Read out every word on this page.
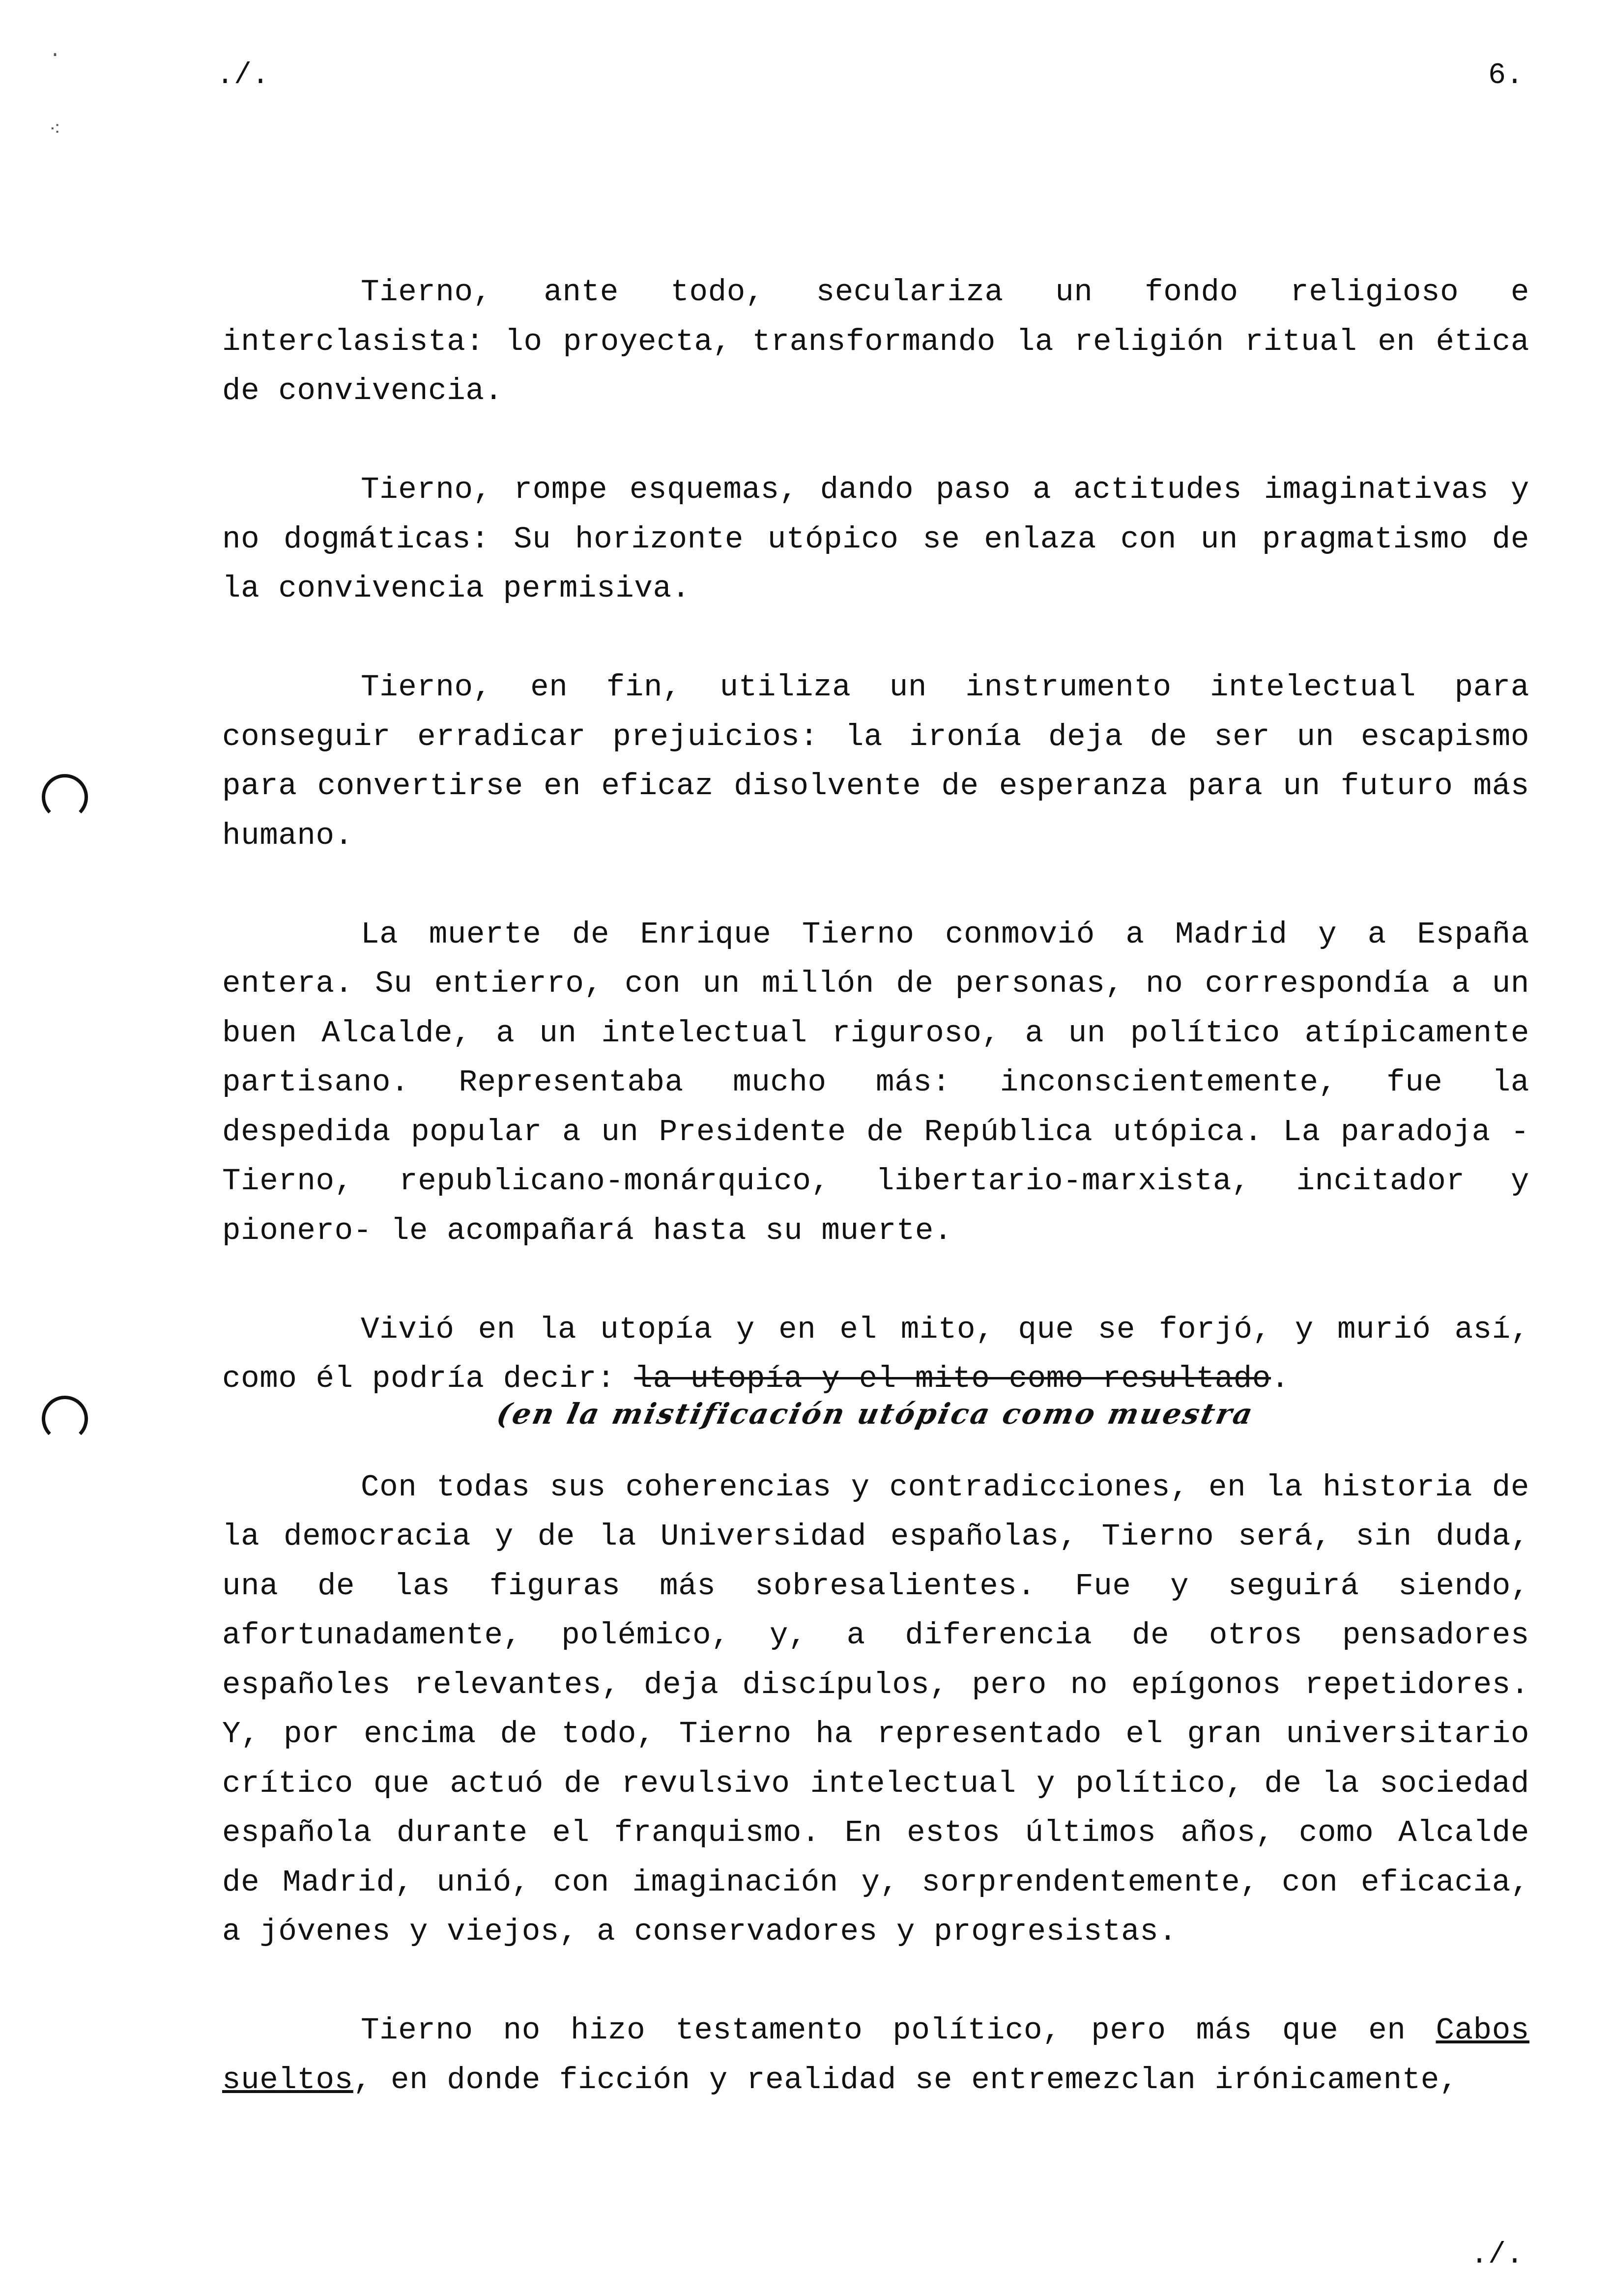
·
⁖
./.	6.

Tierno, ante todo, seculariza un fondo religioso e interclasista: lo proyecta, transformando la religión ritual en ética de convivencia.

Tierno, rompe esquemas, dando paso a actitudes imaginativas y no dogmáticas: Su horizonte utópico se enlaza con un pragmatismo de la convivencia permisiva.

Tierno, en fin, utiliza un instrumento intelectual para conseguir erradicar prejuicios: la ironía deja de ser un escapismo para convertirse en eficaz disolvente de esperanza para un futuro más humano.

La muerte de Enrique Tierno conmovió a Madrid y a España entera. Su entierro, con un millón de personas, no correspondía a un buen Alcalde, a un intelectual riguroso, a un político atípicamente partisano. Representaba mucho más: inconscientemente, fue la despedida popular a un Presidente de República utópica. La paradoja -Tierno, republicano-monárquico, libertario-marxista, incitador y pionero- le acompañará hasta su muerte.

Vivió en la utopía y en el mito, que se forjó, y murió así, como él podría decir: la utopía y el mito como resultado.

(en la mistificación utópica como muestra

Con todas sus coherencias y contradicciones, en la historia de la democracia y de la Universidad españolas, Tierno será, sin duda, una de las figuras más sobresalientes. Fue y seguirá siendo, afortunadamente, polémico, y, a diferencia de otros pensadores españoles relevantes, deja discípulos, pero no epígonos repetidores. Y, por encima de todo, Tierno ha representado el gran universitario crítico que actuó de revulsivo intelectual y político, de la sociedad española durante el franquismo. En estos últimos años, como Alcalde de Madrid, unió, con imaginación y, sorprendentemente, con eficacia, a jóvenes y viejos, a conservadores y progresistas.

Tierno no hizo testamento político, pero más que en Cabos sueltos, en donde ficción y realidad se entremezclan irónicamente,

./.
